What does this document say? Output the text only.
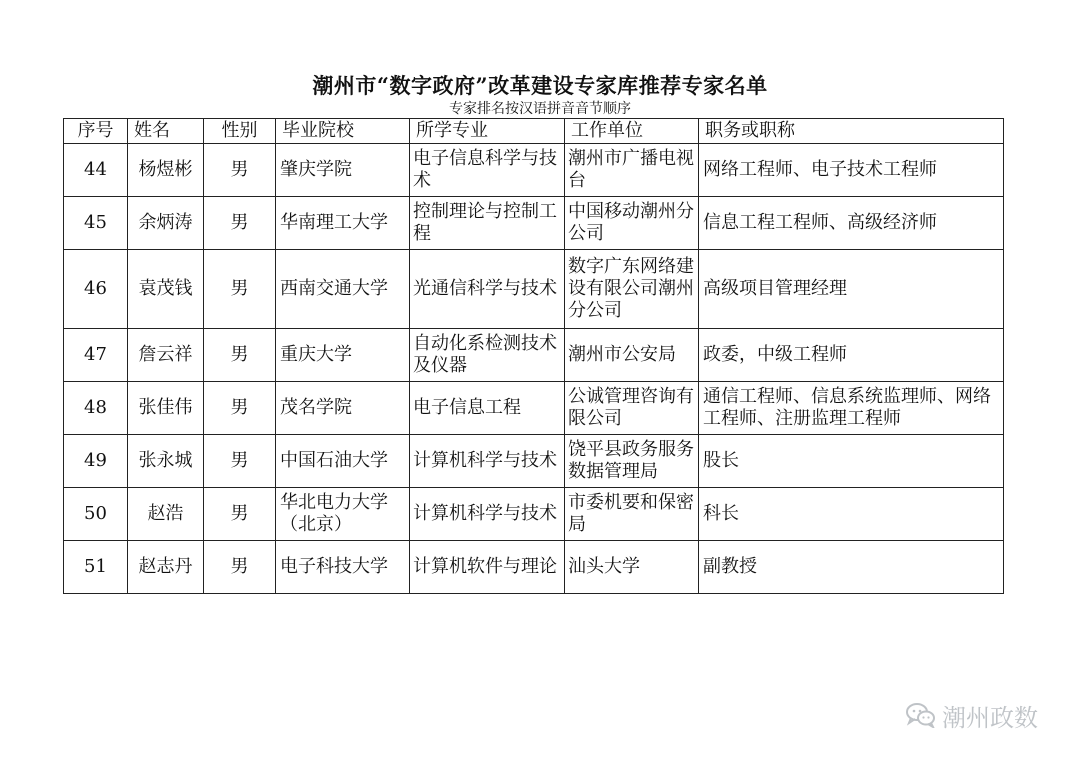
潮州市“数字政府”改革建设专家库推荐专家名单
专家排名按汉语拼音音节顺序
序号	姓名	性别	毕业院校	所学专业	工作单位	职务或职称
44	杨煜彬	男	肇庆学院	电子信息科学与技术	潮州市广播电视台	网络工程师、电子技术工程师
45	余炳涛	男	华南理工大学	控制理论与控制工程	中国移动潮州分公司	信息工程工程师、高级经济师
46	袁茂钱	男	西南交通大学	光通信科学与技术	数字广东网络建设有限公司潮州分公司	高级项目管理经理
47	詹云祥	男	重庆大学	自动化系检测技术及仪器	潮州市公安局	政委，中级工程师
48	张佳伟	男	茂名学院	电子信息工程	公诚管理咨询有限公司	通信工程师、信息系统监理师、网络工程师、注册监理工程师
49	张永城	男	中国石油大学	计算机科学与技术	饶平县政务服务数据管理局	股长
50	赵浩	男	华北电力大学（北京）	计算机科学与技术	市委机要和保密局	科长
51	赵志丹	男	电子科技大学	计算机软件与理论	汕头大学	副教授
潮州政数
